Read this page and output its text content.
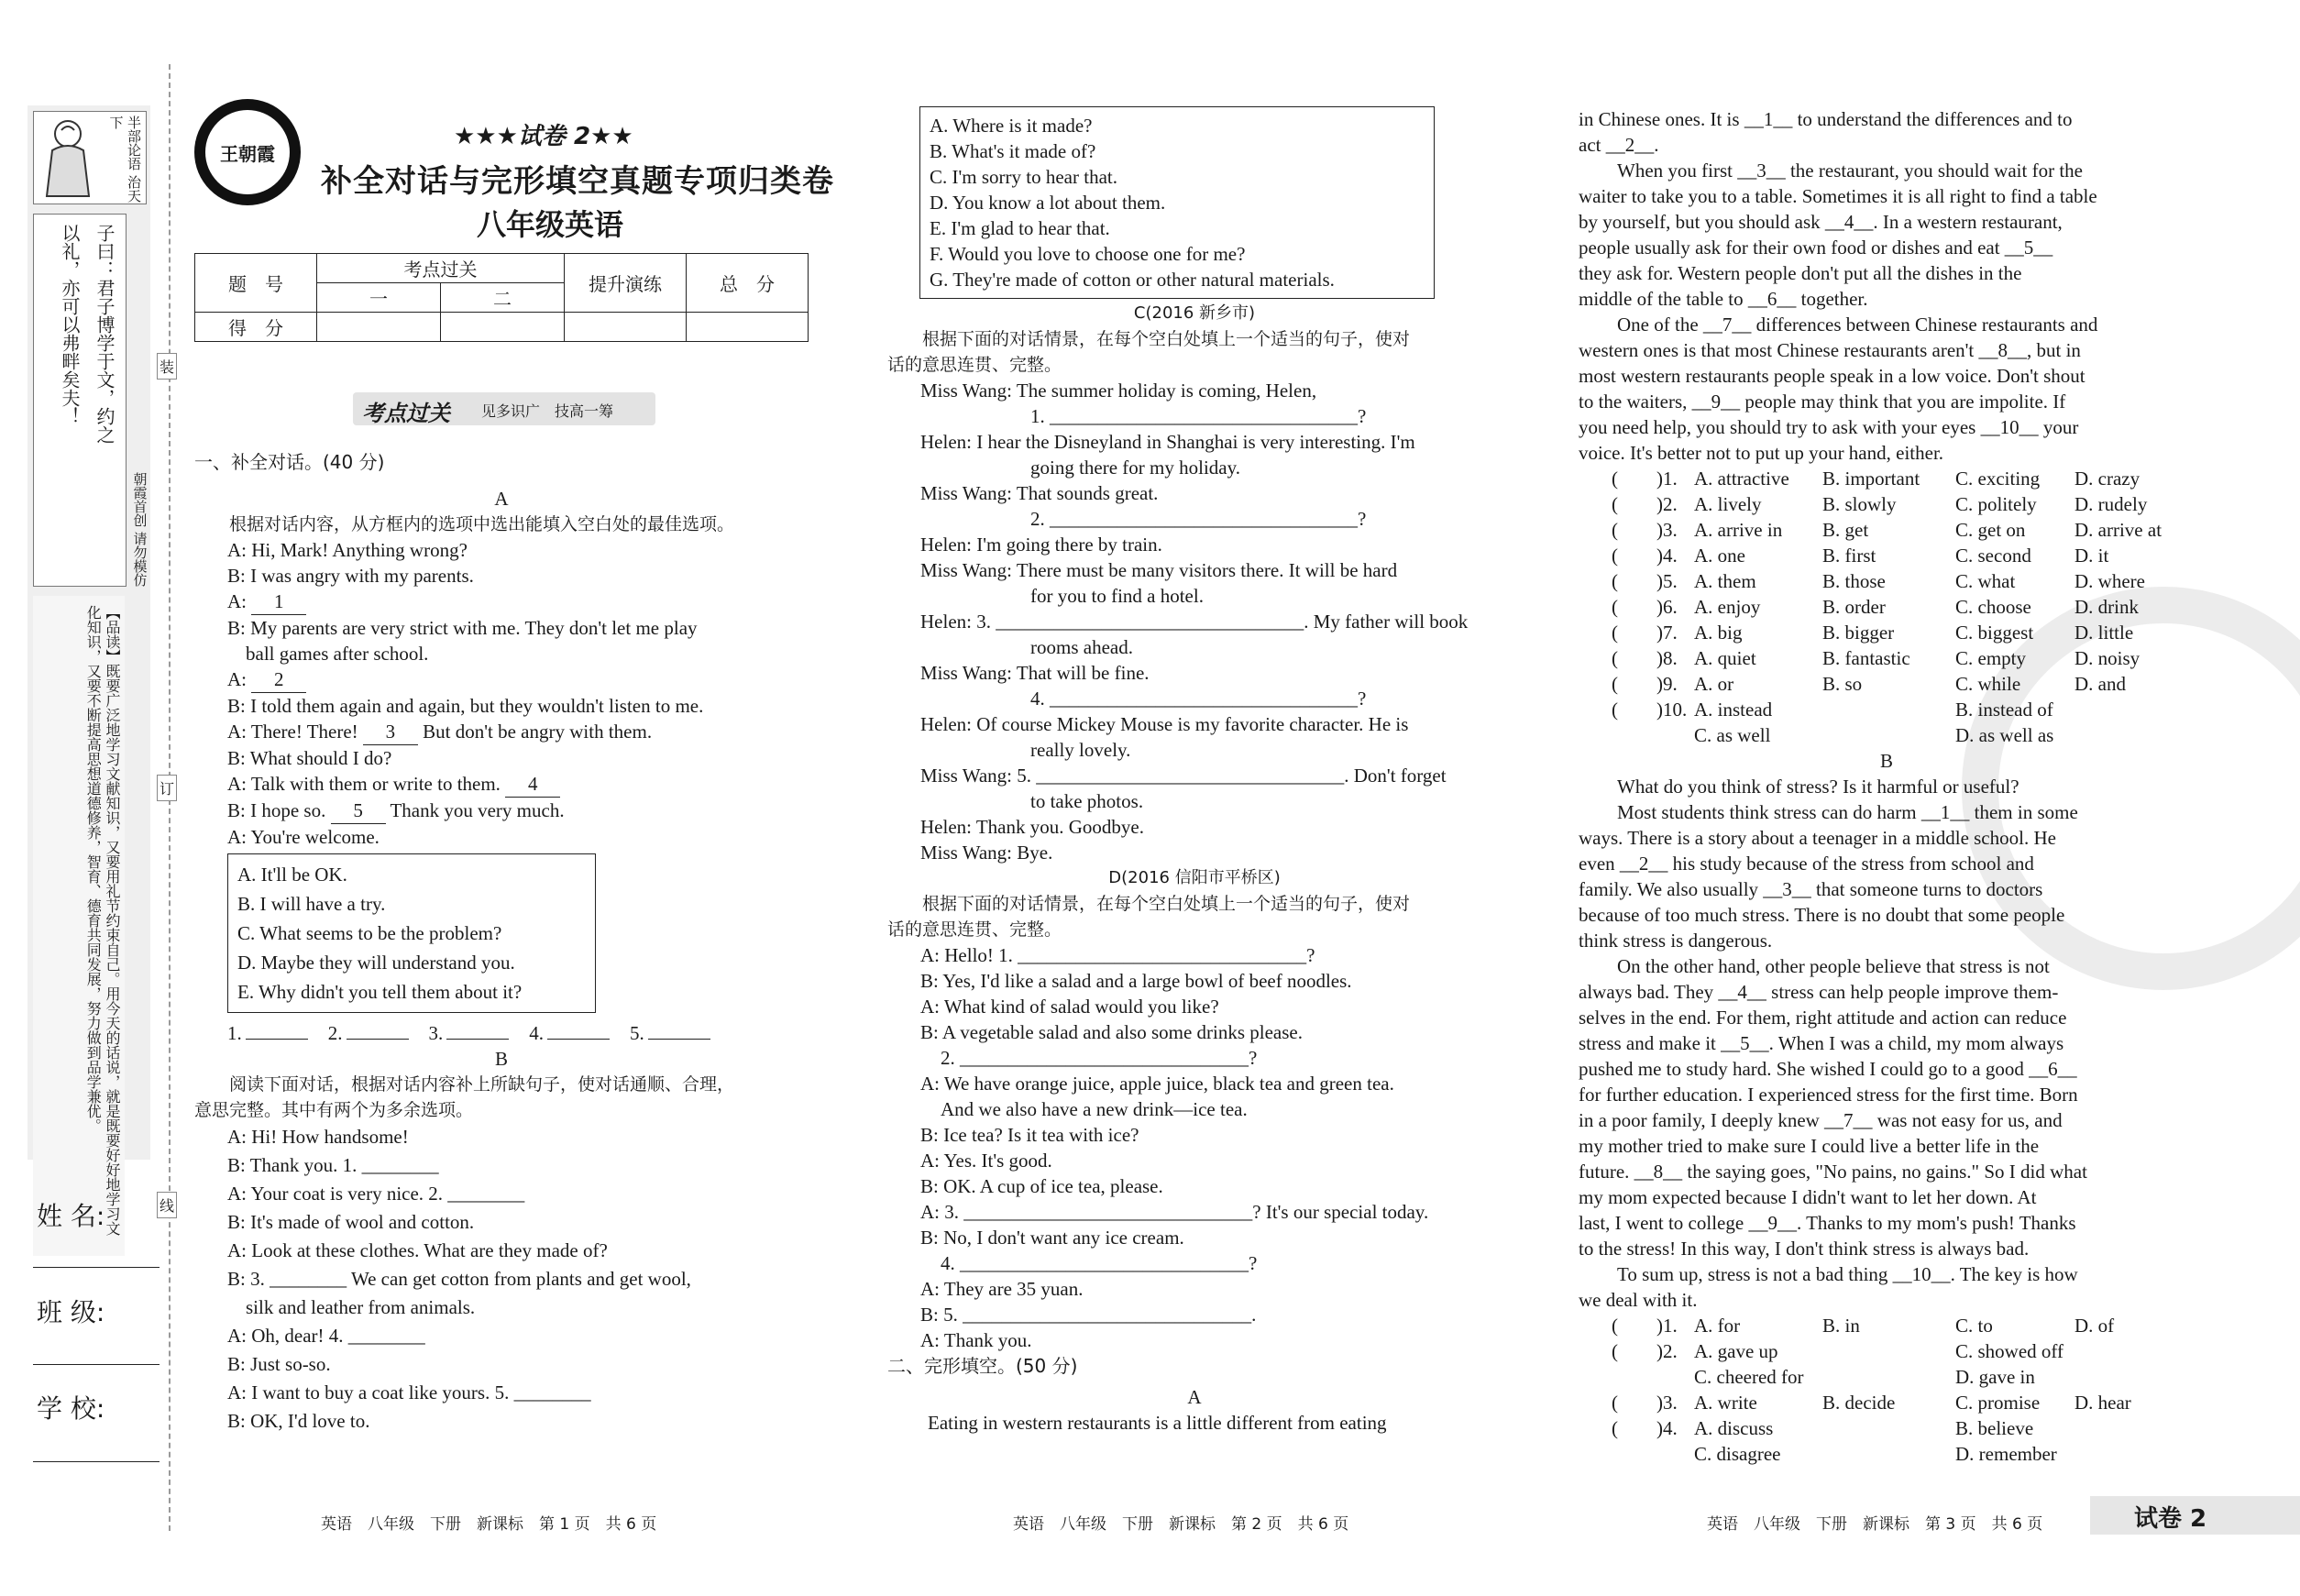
半部论语 治天下
子曰：君子博学于文，约之
以礼，亦可以弗畔矣夫！
朝霞首创 请勿模仿
【品读】既要广泛地学习文献知识，又要用礼节约束自己。用今天的话说，就是既要好好地学习文化知识，又要不断提高思想道德修养，智育、德育共同发展，努力做到品学兼优。
装
订
线
姓 名:
班 级:
学 校:
王朝霞
★★★试卷 2★★
补全对话与完形填空真题专项归类卷
八年级英语
题　号	考点过关		提升演练	总　分
	一	二		
得　分				
考点过关 见多识广　技高一筹

一、补全对话。(40 分)

A

根据对话内容，从方框内的选项中选出能填入空白处的最佳选项。

A: Hi, Mark! Anything wrong?

B: I was angry with my parents.

A: 1

B: My parents are very strict with me. They don't let me play

ball games after school.

A: 2

B: I told them again and again, but they wouldn't listen to me.

A: There! There! 3 But don't be angry with them.

B: What should I do?

A: Talk with them or write to them. 4

B: I hope so. 5 Thank you very much.

A: You're welcome.

A. It'll be OK.

B. I will have a try.

C. What seems to be the problem?

D. Maybe they will understand you.

E. Why didn't you tell them about it?

1.	2.	3.	4.	5.

B

阅读下面对话，根据对话内容补上所缺句子，使对话通顺、合理，

意思完整。其中有两个为多余选项。

A: Hi! How handsome!

B: Thank you. 1. ________

A: Your coat is very nice. 2. ________

B: It's made of wool and cotton.

A: Look at these clothes. What are they made of?

B: 3. ________ We can get cotton from plants and get wool,

silk and leather from animals.

A: Oh, dear! 4. ________

B: Just so-so.

A: I want to buy a coat like yours. 5. ________

B: OK, I'd love to.

A. Where is it made?

B. What's it made of?

C. I'm sorry to hear that.

D. You know a lot about them.

E. I'm glad to hear that.

F. Would you love to choose one for me?

G. They're made of cotton or other natural materials.

C(2016 新乡市)

根据下面的对话情景，在每个空白处填上一个适当的句子，使对

话的意思连贯、完整。

Miss Wang: The summer holiday is coming, Helen,

1. ________________________________?

Helen: I hear the Disneyland in Shanghai is very interesting. I'm

going there for my holiday.

Miss Wang: That sounds great.

2. ________________________________?

Helen: I'm going there by train.

Miss Wang: There must be many visitors there. It will be hard

for you to find a hotel.

Helen: 3. ________________________________. My father will book

rooms ahead.

Miss Wang: That will be fine.

4. ________________________________?

Helen: Of course Mickey Mouse is my favorite character. He is

really lovely.

Miss Wang: 5. ________________________________. Don't forget

to take photos.

Helen: Thank you. Goodbye.

Miss Wang: Bye.

D(2016 信阳市平桥区)

根据下面的对话情景，在每个空白处填上一个适当的句子，使对

话的意思连贯、完整。

A: Hello! 1. ______________________________?

B: Yes, I'd like a salad and a large bowl of beef noodles.

A: What kind of salad would you like?

B: A vegetable salad and also some drinks please.

2. ______________________________?

A: We have orange juice, apple juice, black tea and green tea.

And we also have a new drink—ice tea.

B: Ice tea? Is it tea with ice?

A: Yes. It's good.

B: OK. A cup of ice tea, please.

A: 3. ______________________________? It's our special today.

B: No, I don't want any ice cream.

4. ______________________________?

A: They are 35 yuan.

B: 5. ______________________________.

A: Thank you.

二、完形填空。(50 分)

A

Eating in western restaurants is a little different from eating

in Chinese ones. It is __1__ to understand the differences and to

act __2__.

　　When you first __3__ the restaurant, you should wait for the

waiter to take you to a table. Sometimes it is all right to find a table

by yourself, but you should ask __4__. In a western restaurant,

people usually ask for their own food or dishes and eat __5__

they ask for. Western people don't put all the dishes in the

middle of the table to __6__ together.

　　One of the __7__ differences between Chinese restaurants and

western ones is that most Chinese restaurants aren't __8__, but in

most western restaurants people speak in a low voice. Don't shout

to the waiters, __9__ people may think that you are impolite. If

you need help, you should try to ask with your eyes __10__ your

voice. It's better not to put up your hand, either.

(　　)1. A. attractive	B. important	C. exciting	D. crazy
(　　)2. A. lively	B. slowly	C. politely	D. rudely
(　　)3. A. arrive in	B. get	C. get on	D. arrive at
(　　)4. A. one	B. first	C. second	D. it
(　　)5. A. them	B. those	C. what	D. where
(　　)6. A. enjoy	B. order	C. choose	D. drink
(　　)7. A. big	B. bigger	C. biggest	D. little
(　　)8. A. quiet	B. fantastic	C. empty	D. noisy
(　　)9. A. or	B. so	C. while	D. and
(　　)10. A. instead	B. instead of
C. as well	D. as well as

B

　　What do you think of stress? Is it harmful or useful?

　　Most students think stress can do harm __1__ them in some

ways. There is a story about a teenager in a middle school. He

even __2__ his study because of the stress from school and

family. We also usually __3__ that someone turns to doctors

because of too much stress. There is no doubt that some people

think stress is dangerous.

　　On the other hand, other people believe that stress is not

always bad. They __4__ stress can help people improve them-

selves in the end. For them, right attitude and action can reduce

stress and make it __5__. When I was a child, my mom always

pushed me to study hard. She wished I could go to a good __6__

for further education. I experienced stress for the first time. Born

in a poor family, I deeply knew __7__ was not easy for us, and

my mother tried to make sure I could live a better life in the

future. __8__ the saying goes, "No pains, no gains." So I did what

my mom expected because I didn't want to let her down. At

last, I went to college __9__. Thanks to my mom's push! Thanks

to the stress! In this way, I don't think stress is always bad.

　　To sum up, stress is not a bad thing __10__. The key is how

we deal with it.

(　　)1. A. for	B. in	C. to	D. of
(　　)2. A. gave up	C. showed off
C. cheered for	D. gave in
(　　)3. A. write	B. decide	C. promise	D. hear
(　　)4. A. discuss	B. believe
C. disagree	D. remember
英语　八年级　下册　新课标　第 1 页　共 6 页	英语　八年级　下册　新课标　第 2 页　共 6 页	英语　八年级　下册　新课标　第 3 页　共 6 页	试卷 2
